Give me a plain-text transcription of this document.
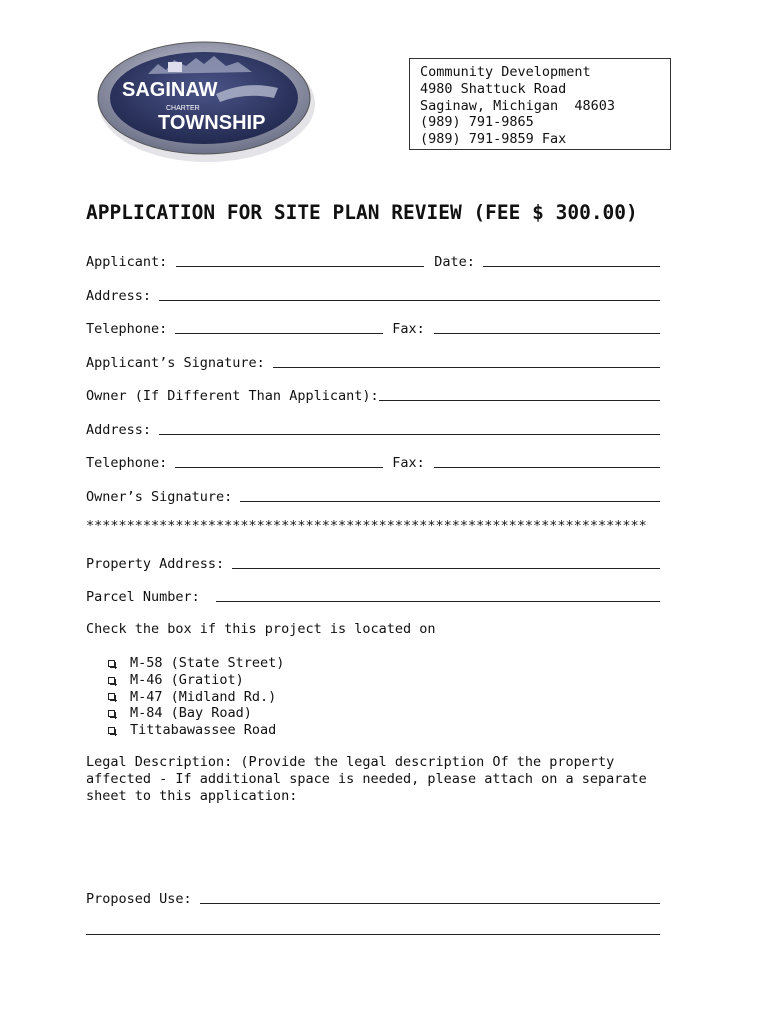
SAGINAW
CHARTER
TOWNSHIP
Community Development
4980 Shattuck Road
Saginaw, Michigan  48603
(989) 791-9865
(989) 791-9859 Fax
APPLICATION FOR SITE PLAN REVIEW (FEE $ 300.00)
Applicant:	Date:
Address:
Telephone:	Fax:
Applicant’s Signature:
Owner (If Different Than Applicant):
Address:
Telephone:	Fax:
Owner’s Signature:
*********************************************************************
Property Address:
Parcel Number:
Check the box if this project is located on
M-58 (State Street)
M-46 (Gratiot)
M-47 (Midland Rd.)
M-84 (Bay Road)
Tittabawassee Road
Legal Description: (Provide the legal description Of the property
affected - If additional space is needed, please attach on a separate
sheet to this application:
Proposed Use:
